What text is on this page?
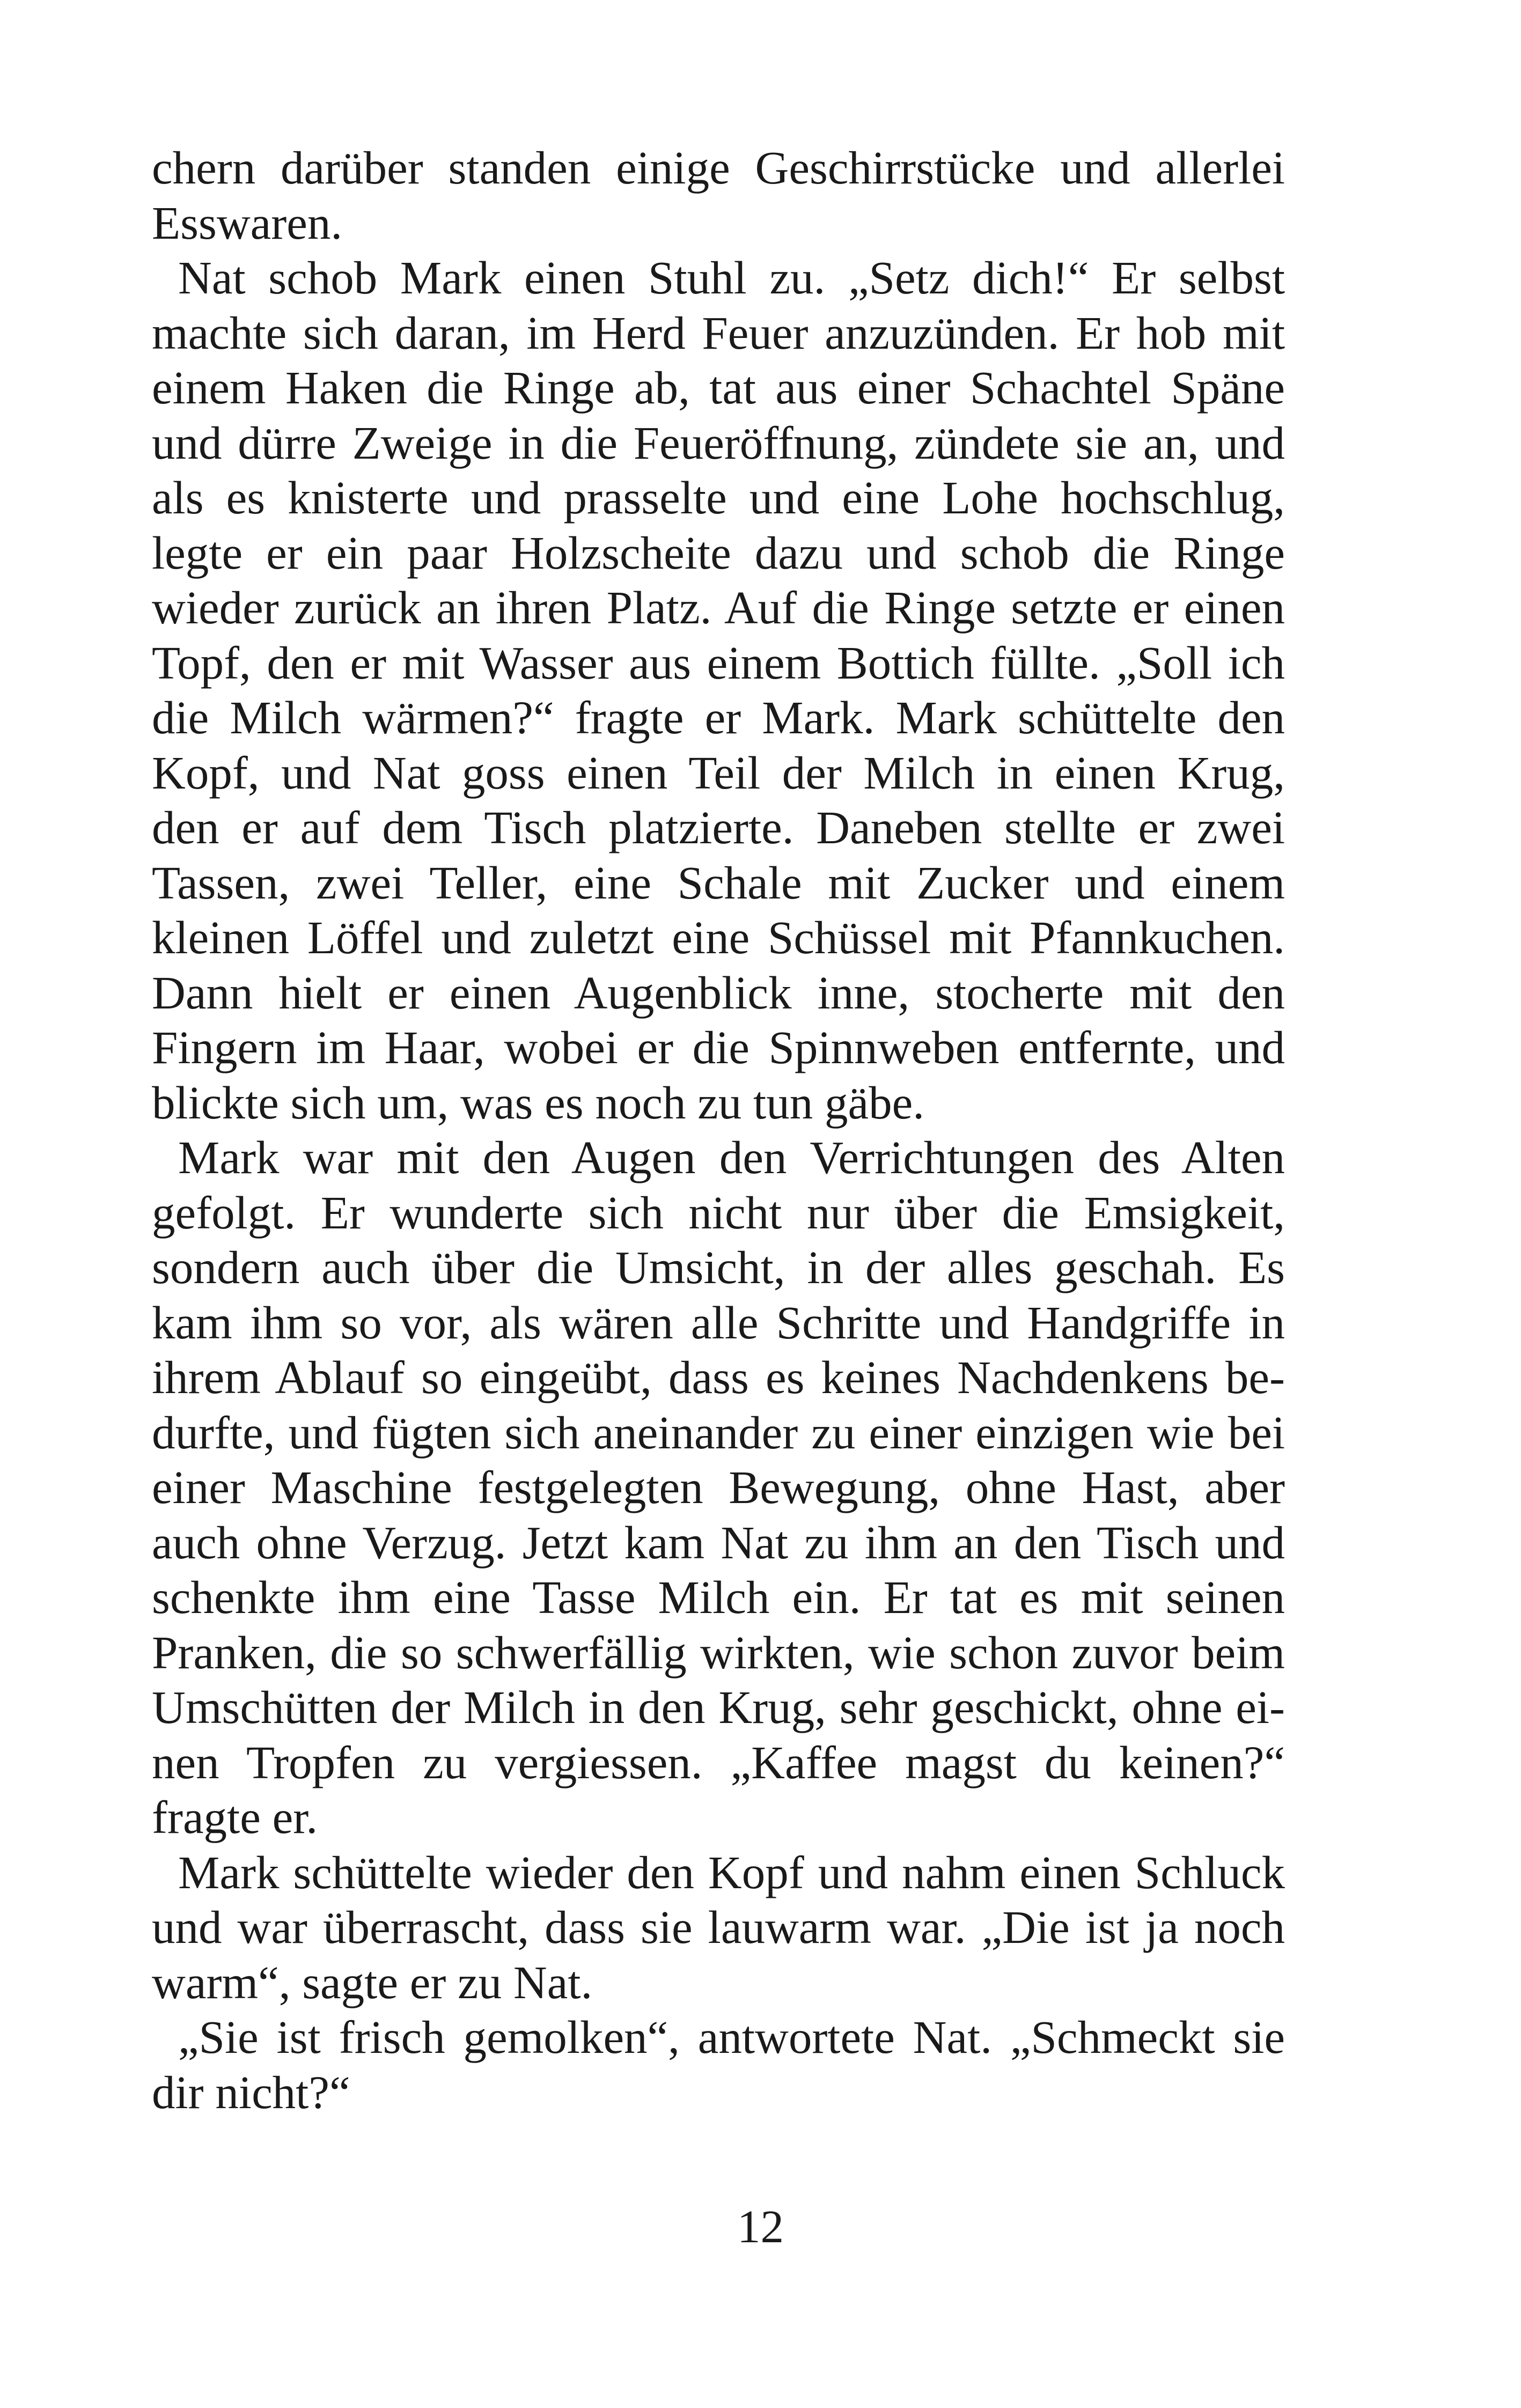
chern darüber standen einige Geschirrstücke und allerlei
Esswaren.
Nat schob Mark einen Stuhl zu. „Setz dich!“ Er selbst
machte sich daran, im Herd Feuer anzuzünden. Er hob mit
einem Haken die Ringe ab, tat aus einer Schachtel Späne
und dürre Zweige in die Feueröffnung, zündete sie an, und
als es knisterte und prasselte und eine Lohe hochschlug,
legte er ein paar Holzscheite dazu und schob die Ringe
wieder zurück an ihren Platz. Auf die Ringe setzte er einen
Topf, den er mit Wasser aus einem Bottich füllte. „Soll ich
die Milch wärmen?“ fragte er Mark. Mark schüttelte den
Kopf, und Nat goss einen Teil der Milch in einen Krug,
den er auf dem Tisch platzierte. Daneben stellte er zwei
Tassen, zwei Teller, eine Schale mit Zucker und einem
kleinen Löffel und zuletzt eine Schüssel mit Pfannkuchen.
Dann hielt er einen Augenblick inne, stocherte mit den
Fingern im Haar, wobei er die Spinnweben entfernte, und
blickte sich um, was es noch zu tun gäbe.
Mark war mit den Augen den Verrichtungen des Alten
gefolgt. Er wunderte sich nicht nur über die Emsigkeit,
sondern auch über die Umsicht, in der alles geschah. Es
kam ihm so vor, als wären alle Schritte und Handgriffe in
ihrem Ablauf so eingeübt, dass es keines Nachdenkens be-
durfte, und fügten sich aneinander zu einer einzigen wie bei
einer Maschine festgelegten Bewegung, ohne Hast, aber
auch ohne Verzug. Jetzt kam Nat zu ihm an den Tisch und
schenkte ihm eine Tasse Milch ein. Er tat es mit seinen
Pranken, die so schwerfällig wirkten, wie schon zuvor beim
Umschütten der Milch in den Krug, sehr geschickt, ohne ei-
nen Tropfen zu vergiessen. „Kaffee magst du keinen?“
fragte er.
Mark schüttelte wieder den Kopf und nahm einen Schluck
und war überrascht, dass sie lauwarm war. „Die ist ja noch
warm“, sagte er zu Nat.
„Sie ist frisch gemolken“, antwortete Nat. „Schmeckt sie
dir nicht?“
12
